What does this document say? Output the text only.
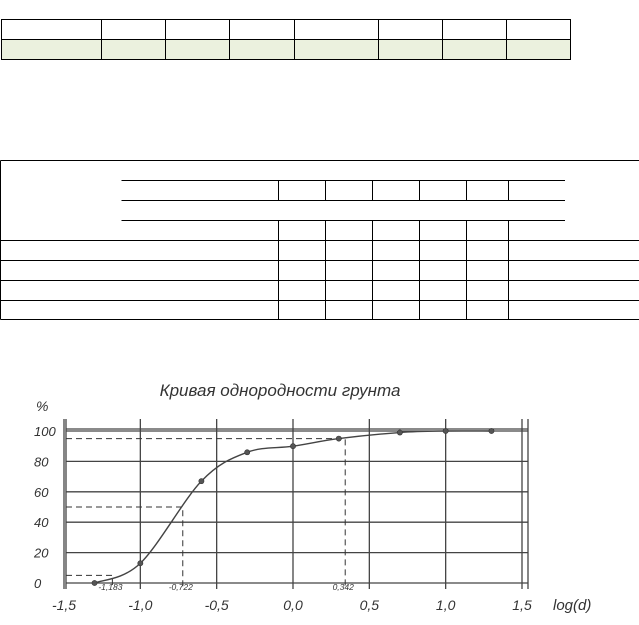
Кривая однородности грунта
%
log(d)
-1,183	-0,722	0,342
0
20
40
60
80
100
-1,5	-1,0	-0,5	0,0	0,5	1,0	1,5
